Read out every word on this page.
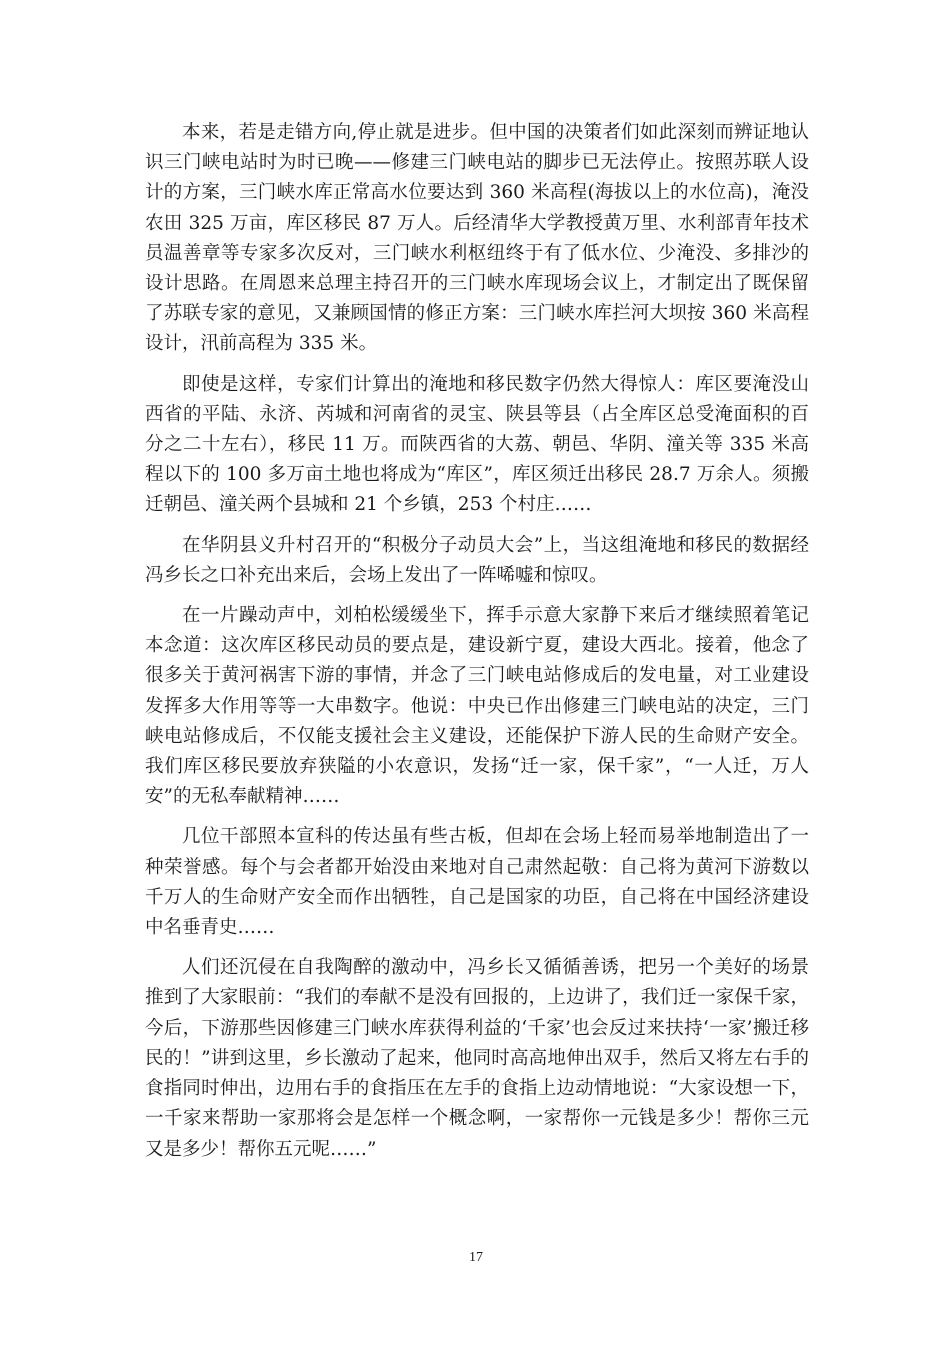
本来，若是走错方向,停止就是进步。但中国的决策者们如此深刻而辨证地认识三门峡电站时为时已晚——修建三门峡电站的脚步已无法停止。按照苏联人设计的方案，三门峡水库正常高水位要达到 360 米高程(海拔以上的水位高)，淹没农田 325 万亩，库区移民 87 万人。后经清华大学教授黄万里、水利部青年技术员温善章等专家多次反对，三门峡水利枢纽终于有了低水位、少淹没、多排沙的设计思路。在周恩来总理主持召开的三门峡水库现场会议上，才制定出了既保留了苏联专家的意见，又兼顾国情的修正方案：三门峡水库拦河大坝按 360 米高程设计，汛前高程为 335 米。

即使是这样，专家们计算出的淹地和移民数字仍然大得惊人：库区要淹没山西省的平陆、永济、芮城和河南省的灵宝、陕县等县（占全库区总受淹面积的百分之二十左右），移民 11 万。而陕西省的大荔、朝邑、华阴、潼关等 335 米高程以下的 100 多万亩土地也将成为“库区”，库区须迁出移民 28.7 万余人。须搬迁朝邑、潼关两个县城和 21 个乡镇，253 个村庄……

在华阴县义升村召开的“积极分子动员大会”上，当这组淹地和移民的数据经冯乡长之口补充出来后，会场上发出了一阵唏嘘和惊叹。

在一片躁动声中，刘柏松缓缓坐下，挥手示意大家静下来后才继续照着笔记本念道：这次库区移民动员的要点是，建设新宁夏，建设大西北。接着，他念了很多关于黄河祸害下游的事情，并念了三门峡电站修成后的发电量，对工业建设发挥多大作用等等一大串数字。他说：中央已作出修建三门峡电站的决定，三门峡电站修成后，不仅能支援社会主义建设，还能保护下游人民的生命财产安全。我们库区移民要放弃狭隘的小农意识，发扬“迁一家，保千家”，“一人迁，万人安”的无私奉献精神……

几位干部照本宣科的传达虽有些古板，但却在会场上轻而易举地制造出了一种荣誉感。每个与会者都开始没由来地对自己肃然起敬：自己将为黄河下游数以千万人的生命财产安全而作出牺牲，自己是国家的功臣，自己将在中国经济建设中名垂青史……

人们还沉侵在自我陶醉的激动中，冯乡长又循循善诱，把另一个美好的场景推到了大家眼前：“我们的奉献不是没有回报的，上边讲了，我们迁一家保千家，今后，下游那些因修建三门峡水库获得利益的‘千家’也会反过来扶持‘一家’搬迁移民的！”讲到这里，乡长激动了起来，他同时高高地伸出双手，然后又将左右手的食指同时伸出，边用右手的食指压在左手的食指上边动情地说：“大家设想一下，一千家来帮助一家那将会是怎样一个概念啊，一家帮你一元钱是多少！帮你三元又是多少！帮你五元呢……”

17
